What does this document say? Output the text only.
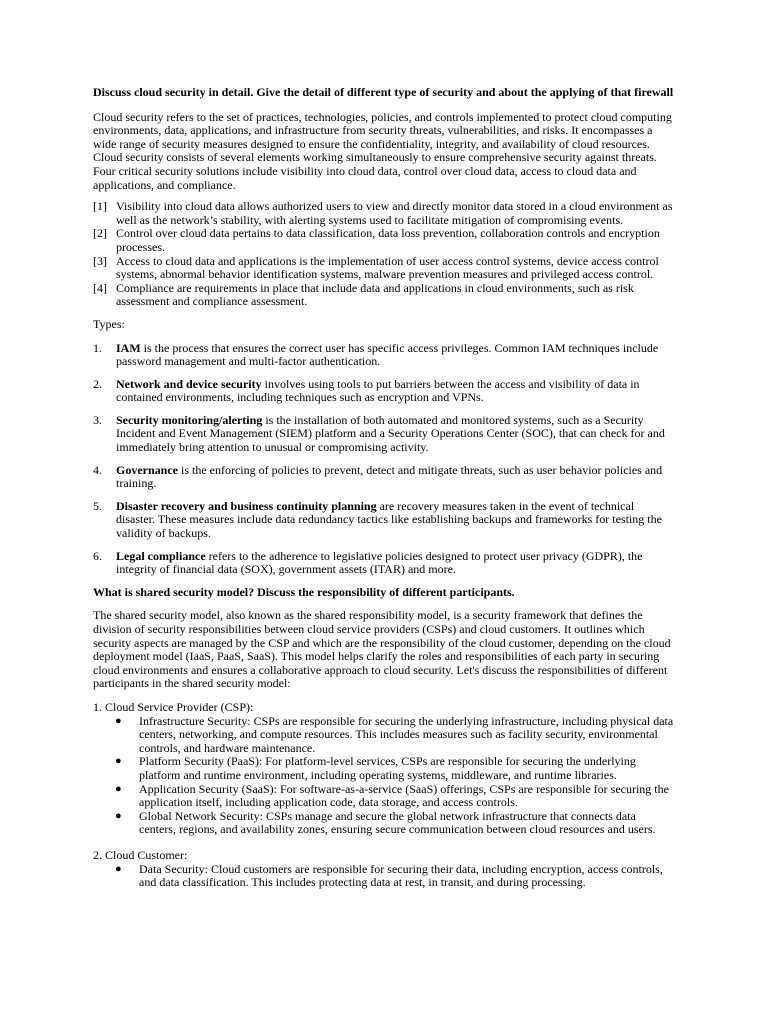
Discuss cloud security in detail. Give the detail of different type of security and about the applying of that firewall

Cloud security refers to the set of practices, technologies, policies, and controls implemented to protect cloud computing environments, data, applications, and infrastructure from security threats, vulnerabilities, and risks. It encompasses a wide range of security measures designed to ensure the confidentiality, integrity, and availability of cloud resources. Cloud security consists of several elements working simultaneously to ensure comprehensive security against threats. Four critical security solutions include visibility into cloud data, control over cloud data, access to cloud data and applications, and compliance.

[1] Visibility into cloud data allows authorized users to view and directly monitor data stored in a cloud environment as well as the network’s stability, with alerting systems used to facilitate mitigation of compromising events.
[2] Control over cloud data pertains to data classification, data loss prevention, collaboration controls and encryption processes.
[3] Access to cloud data and applications is the implementation of user access control systems, device access control systems, abnormal behavior identification systems, malware prevention measures and privileged access control.
[4] Compliance are requirements in place that include data and applications in cloud environments, such as risk assessment and compliance assessment.

Types:

1.	IAM is the process that ensures the correct user has specific access privileges. Common IAM techniques include password management and multi-factor authentication.
2.	Network and device security involves using tools to put barriers between the access and visibility of data in contained environments, including techniques such as encryption and VPNs.
3.	Security monitoring/alerting is the installation of both automated and monitored systems, such as a Security Incident and Event Management (SIEM) platform and a Security Operations Center (SOC), that can check for and immediately bring attention to unusual or compromising activity.
4.	Governance is the enforcing of policies to prevent, detect and mitigate threats, such as user behavior policies and training.
5.	Disaster recovery and business continuity planning are recovery measures taken in the event of technical disaster. These measures include data redundancy tactics like establishing backups and frameworks for testing the validity of backups.
6.	Legal compliance refers to the adherence to legislative policies designed to protect user privacy (GDPR), the integrity of financial data (SOX), government assets (ITAR) and more.

What is shared security model? Discuss the responsibility of different participants.

The shared security model, also known as the shared responsibility model, is a security framework that defines the division of security responsibilities between cloud service providers (CSPs) and cloud customers. It outlines which security aspects are managed by the CSP and which are the responsibility of the cloud customer, depending on the cloud deployment model (IaaS, PaaS, SaaS). This model helps clarify the roles and responsibilities of each party in securing cloud environments and ensures a collaborative approach to cloud security. Let's discuss the responsibilities of different participants in the shared security model:

1. Cloud Service Provider (CSP):

●	Infrastructure Security: CSPs are responsible for securing the underlying infrastructure, including physical data centers, networking, and compute resources. This includes measures such as facility security, environmental controls, and hardware maintenance.
●	Platform Security (PaaS): For platform-level services, CSPs are responsible for securing the underlying platform and runtime environment, including operating systems, middleware, and runtime libraries.
●	Application Security (SaaS): For software-as-a-service (SaaS) offerings, CSPs are responsible for securing the application itself, including application code, data storage, and access controls.
●	Global Network Security: CSPs manage and secure the global network infrastructure that connects data centers, regions, and availability zones, ensuring secure communication between cloud resources and users.

2. Cloud Customer:

●	Data Security: Cloud customers are responsible for securing their data, including encryption, access controls, and data classification. This includes protecting data at rest, in transit, and during processing.
